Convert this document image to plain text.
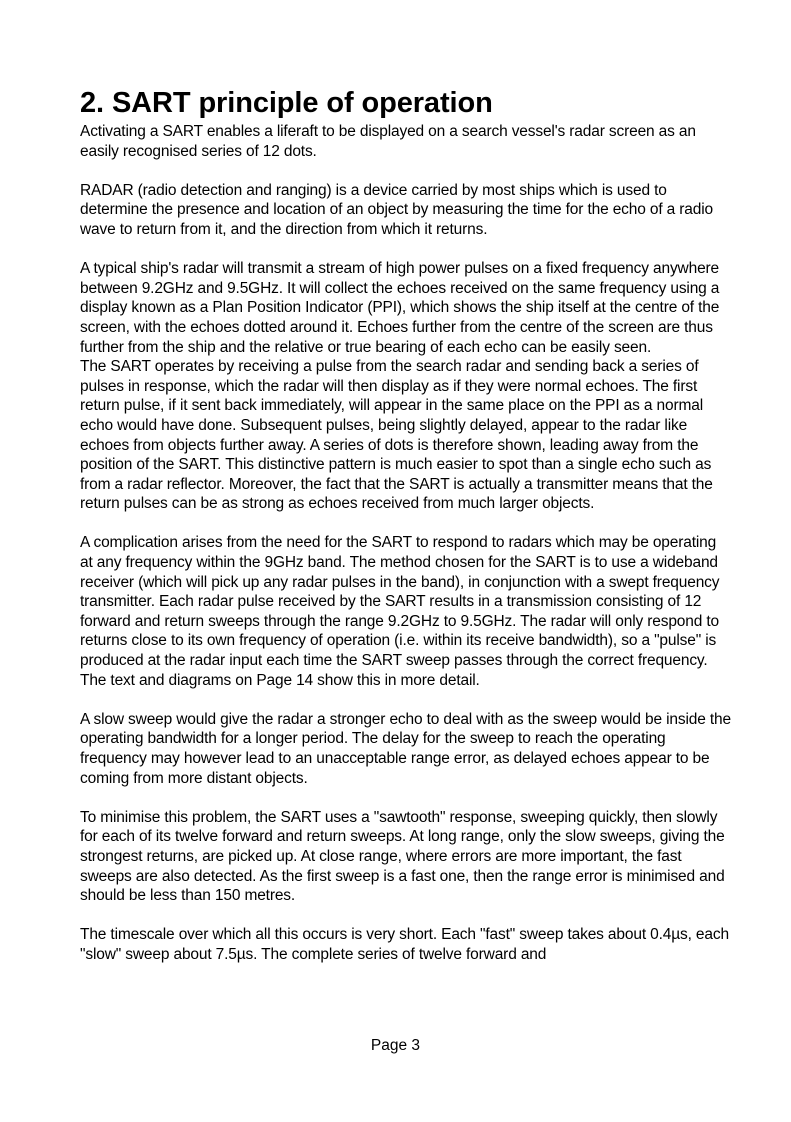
2. SART principle of operation

Activating a SART enables a liferaft to be displayed on a search vessel's radar screen as an easily recognised series of 12 dots.

RADAR (radio detection and ranging) is a device carried by most ships which is used to determine the presence and location of an object by measuring the time for the echo of a radio wave to return from it, and the direction from which it returns.

A typical ship's radar will transmit a stream of high power pulses on a fixed frequency anywhere between 9.2GHz and 9.5GHz. It will collect the echoes received on the same frequency using a display known as a Plan Position Indicator (PPI), which shows the ship itself at the centre of the screen, with the echoes dotted around it. Echoes further from the centre of the screen are thus further from the ship and the relative or true bearing of each echo can be easily seen.

The SART operates by receiving a pulse from the search radar and sending back a series of pulses in response, which the radar will then display as if they were normal echoes. The first return pulse, if it sent back immediately, will appear in the same place on the PPI as a normal echo would have done. Subsequent pulses, being slightly delayed, appear to the radar like echoes from objects further away. A series of dots is therefore shown, leading away from the position of the SART. This distinctive pattern is much easier to spot than a single echo such as from a radar reflector. Moreover, the fact that the SART is actually a transmitter means that the return pulses can be as strong as echoes received from much larger objects.

A complication arises from the need for the SART to respond to radars which may be operating at any frequency within the 9GHz band. The method chosen for the SART is to use a wideband receiver (which will pick up any radar pulses in the band), in conjunction with a swept frequency transmitter. Each radar pulse received by the SART results in a transmission consisting of 12 forward and return sweeps through the range 9.2GHz to 9.5GHz. The radar will only respond to returns close to its own frequency of operation (i.e. within its receive bandwidth), so a "pulse" is produced at the radar input each time the SART sweep passes through the correct frequency. The text and diagrams on Page 14 show this in more detail.

A slow sweep would give the radar a stronger echo to deal with as the sweep would be inside the operating bandwidth for a longer period. The delay for the sweep to reach the operating frequency may however lead to an unacceptable range error, as delayed echoes appear to be coming from more distant objects.

To minimise this problem, the SART uses a "sawtooth" response, sweeping quickly, then slowly for each of its twelve forward and return sweeps. At long range, only the slow sweeps, giving the strongest returns, are picked up. At close range, where errors are more important, the fast sweeps are also detected. As the first sweep is a fast one, then the range error is minimised and should be less than 150 metres.

The timescale over which all this occurs is very short. Each "fast" sweep takes about 0.4µs, each "slow" sweep about 7.5µs. The complete series of twelve forward and

Page 3
